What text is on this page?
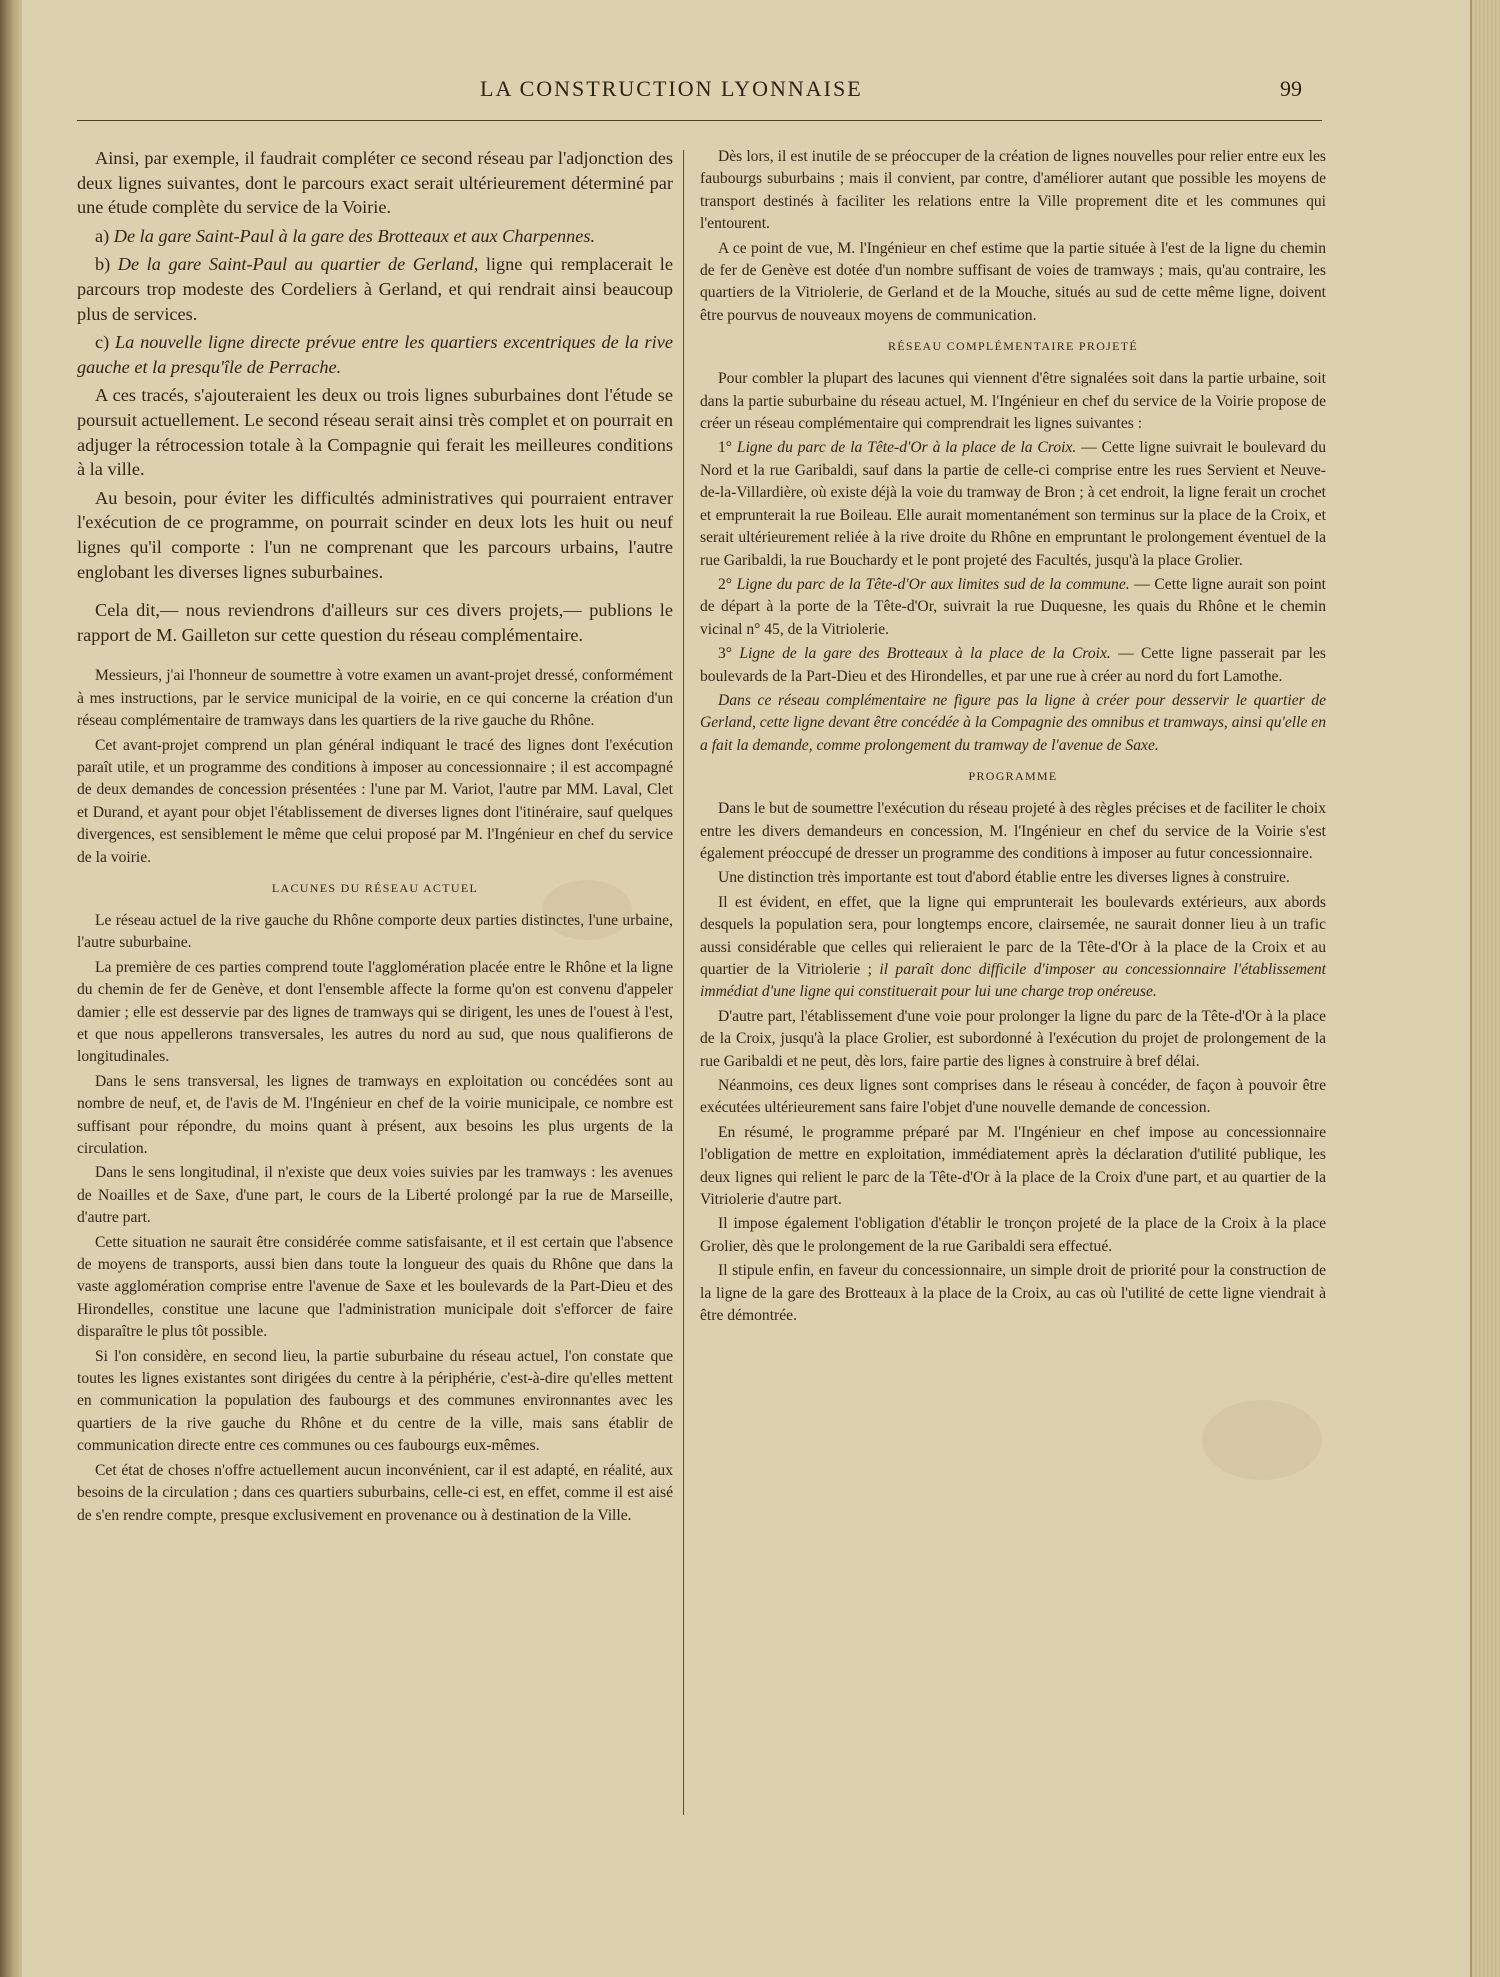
LA CONSTRUCTION LYONNAISE	99

Ainsi, par exemple, il faudrait compléter ce second réseau par l'adjonction des deux lignes suivantes, dont le parcours exact serait ultérieurement déterminé par une étude complète du service de la Voirie.

a) De la gare Saint-Paul à la gare des Brotteaux et aux Charpennes.

b) De la gare Saint-Paul au quartier de Gerland, ligne qui remplacerait le parcours trop modeste des Cordeliers à Gerland, et qui rendrait ainsi beaucoup plus de services.

c) La nouvelle ligne directe prévue entre les quartiers excentriques de la rive gauche et la presqu'île de Perrache.

A ces tracés, s'ajouteraient les deux ou trois lignes suburbaines dont l'étude se poursuit actuellement. Le second réseau serait ainsi très complet et on pourrait en adjuger la rétrocession totale à la Compagnie qui ferait les meilleures conditions à la ville.

Au besoin, pour éviter les difficultés administratives qui pourraient entraver l'exécution de ce programme, on pourrait scinder en deux lots les huit ou neuf lignes qu'il comporte : l'un ne comprenant que les parcours urbains, l'autre englobant les diverses lignes suburbaines.

Cela dit,— nous reviendrons d'ailleurs sur ces divers projets,— publions le rapport de M. Gailleton sur cette question du réseau complémentaire.

Messieurs, j'ai l'honneur de soumettre à votre examen un avant-projet dressé, conformément à mes instructions, par le service municipal de la voirie, en ce qui concerne la création d'un réseau complémentaire de tramways dans les quartiers de la rive gauche du Rhône.

Cet avant-projet comprend un plan général indiquant le tracé des lignes dont l'exécution paraît utile, et un programme des conditions à imposer au concessionnaire ; il est accompagné de deux demandes de concession présentées : l'une par M. Variot, l'autre par MM. Laval, Clet et Durand, et ayant pour objet l'établissement de diverses lignes dont l'itinéraire, sauf quelques divergences, est sensiblement le même que celui proposé par M. l'Ingénieur en chef du service de la voirie.

LACUNES DU RÉSEAU ACTUEL

Le réseau actuel de la rive gauche du Rhône comporte deux parties distinctes, l'une urbaine, l'autre suburbaine.

La première de ces parties comprend toute l'agglomération placée entre le Rhône et la ligne du chemin de fer de Genève, et dont l'ensemble affecte la forme qu'on est convenu d'appeler damier ; elle est desservie par des lignes de tramways qui se dirigent, les unes de l'ouest à l'est, et que nous appellerons transversales, les autres du nord au sud, que nous qualifierons de longitudinales.

Dans le sens transversal, les lignes de tramways en exploitation ou concédées sont au nombre de neuf, et, de l'avis de M. l'Ingénieur en chef de la voirie municipale, ce nombre est suffisant pour répondre, du moins quant à présent, aux besoins les plus urgents de la circulation.

Dans le sens longitudinal, il n'existe que deux voies suivies par les tramways : les avenues de Noailles et de Saxe, d'une part, le cours de la Liberté prolongé par la rue de Marseille, d'autre part.

Cette situation ne saurait être considérée comme satisfaisante, et il est certain que l'absence de moyens de transports, aussi bien dans toute la longueur des quais du Rhône que dans la vaste agglomération comprise entre l'avenue de Saxe et les boulevards de la Part-Dieu et des Hirondelles, constitue une lacune que l'administration municipale doit s'efforcer de faire disparaître le plus tôt possible.

Si l'on considère, en second lieu, la partie suburbaine du réseau actuel, l'on constate que toutes les lignes existantes sont dirigées du centre à la périphérie, c'est-à-dire qu'elles mettent en communication la population des faubourgs et des communes environnantes avec les quartiers de la rive gauche du Rhône et du centre de la ville, mais sans établir de communication directe entre ces communes ou ces faubourgs eux-mêmes.

Cet état de choses n'offre actuellement aucun inconvénient, car il est adapté, en réalité, aux besoins de la circulation ; dans ces quartiers suburbains, celle-ci est, en effet, comme il est aisé de s'en rendre compte, presque exclusivement en provenance ou à destination de la Ville.

Dès lors, il est inutile de se préoccuper de la création de lignes nouvelles pour relier entre eux les faubourgs suburbains ; mais il convient, par contre, d'améliorer autant que possible les moyens de transport destinés à faciliter les relations entre la Ville proprement dite et les communes qui l'entourent.

A ce point de vue, M. l'Ingénieur en chef estime que la partie située à l'est de la ligne du chemin de fer de Genève est dotée d'un nombre suffisant de voies de tramways ; mais, qu'au contraire, les quartiers de la Vitriolerie, de Gerland et de la Mouche, situés au sud de cette même ligne, doivent être pourvus de nouveaux moyens de communication.

RÉSEAU COMPLÉMENTAIRE PROJETÉ

Pour combler la plupart des lacunes qui viennent d'être signalées soit dans la partie urbaine, soit dans la partie suburbaine du réseau actuel, M. l'Ingénieur en chef du service de la Voirie propose de créer un réseau complémentaire qui comprendrait les lignes suivantes :

1° Ligne du parc de la Tête-d'Or à la place de la Croix. — Cette ligne suivrait le boulevard du Nord et la rue Garibaldi, sauf dans la partie de celle-ci comprise entre les rues Servient et Neuve-de-la-Villardière, où existe déjà la voie du tramway de Bron ; à cet endroit, la ligne ferait un crochet et emprunterait la rue Boileau. Elle aurait momentanément son terminus sur la place de la Croix, et serait ultérieurement reliée à la rive droite du Rhône en empruntant le prolongement éventuel de la rue Garibaldi, la rue Bouchardy et le pont projeté des Facultés, jusqu'à la place Grolier.

2° Ligne du parc de la Tête-d'Or aux limites sud de la commune. — Cette ligne aurait son point de départ à la porte de la Tête-d'Or, suivrait la rue Duquesne, les quais du Rhône et le chemin vicinal n° 45, de la Vitriolerie.

3° Ligne de la gare des Brotteaux à la place de la Croix. — Cette ligne passerait par les boulevards de la Part-Dieu et des Hirondelles, et par une rue à créer au nord du fort Lamothe.

Dans ce réseau complémentaire ne figure pas la ligne à créer pour desservir le quartier de Gerland, cette ligne devant être concédée à la Compagnie des omnibus et tramways, ainsi qu'elle en a fait la demande, comme prolongement du tramway de l'avenue de Saxe.

PROGRAMME

Dans le but de soumettre l'exécution du réseau projeté à des règles précises et de faciliter le choix entre les divers demandeurs en concession, M. l'Ingénieur en chef du service de la Voirie s'est également préoccupé de dresser un programme des conditions à imposer au futur concessionnaire.

Une distinction très importante est tout d'abord établie entre les diverses lignes à construire.

Il est évident, en effet, que la ligne qui emprunterait les boulevards extérieurs, aux abords desquels la population sera, pour longtemps encore, clairsemée, ne saurait donner lieu à un trafic aussi considérable que celles qui relieraient le parc de la Tête-d'Or à la place de la Croix et au quartier de la Vitriolerie ; il paraît donc difficile d'imposer au concessionnaire l'établissement immédiat d'une ligne qui constituerait pour lui une charge trop onéreuse.

D'autre part, l'établissement d'une voie pour prolonger la ligne du parc de la Tête-d'Or à la place de la Croix, jusqu'à la place Grolier, est subordonné à l'exécution du projet de prolongement de la rue Garibaldi et ne peut, dès lors, faire partie des lignes à construire à bref délai.

Néanmoins, ces deux lignes sont comprises dans le réseau à concéder, de façon à pouvoir être exécutées ultérieurement sans faire l'objet d'une nouvelle demande de concession.

En résumé, le programme préparé par M. l'Ingénieur en chef impose au concessionnaire l'obligation de mettre en exploitation, immédiatement après la déclaration d'utilité publique, les deux lignes qui relient le parc de la Tête-d'Or à la place de la Croix d'une part, et au quartier de la Vitriolerie d'autre part.

Il impose également l'obligation d'établir le tronçon projeté de la place de la Croix à la place Grolier, dès que le prolongement de la rue Garibaldi sera effectué.

Il stipule enfin, en faveur du concessionnaire, un simple droit de priorité pour la construction de la ligne de la gare des Brotteaux à la place de la Croix, au cas où l'utilité de cette ligne viendrait à être démontrée.
